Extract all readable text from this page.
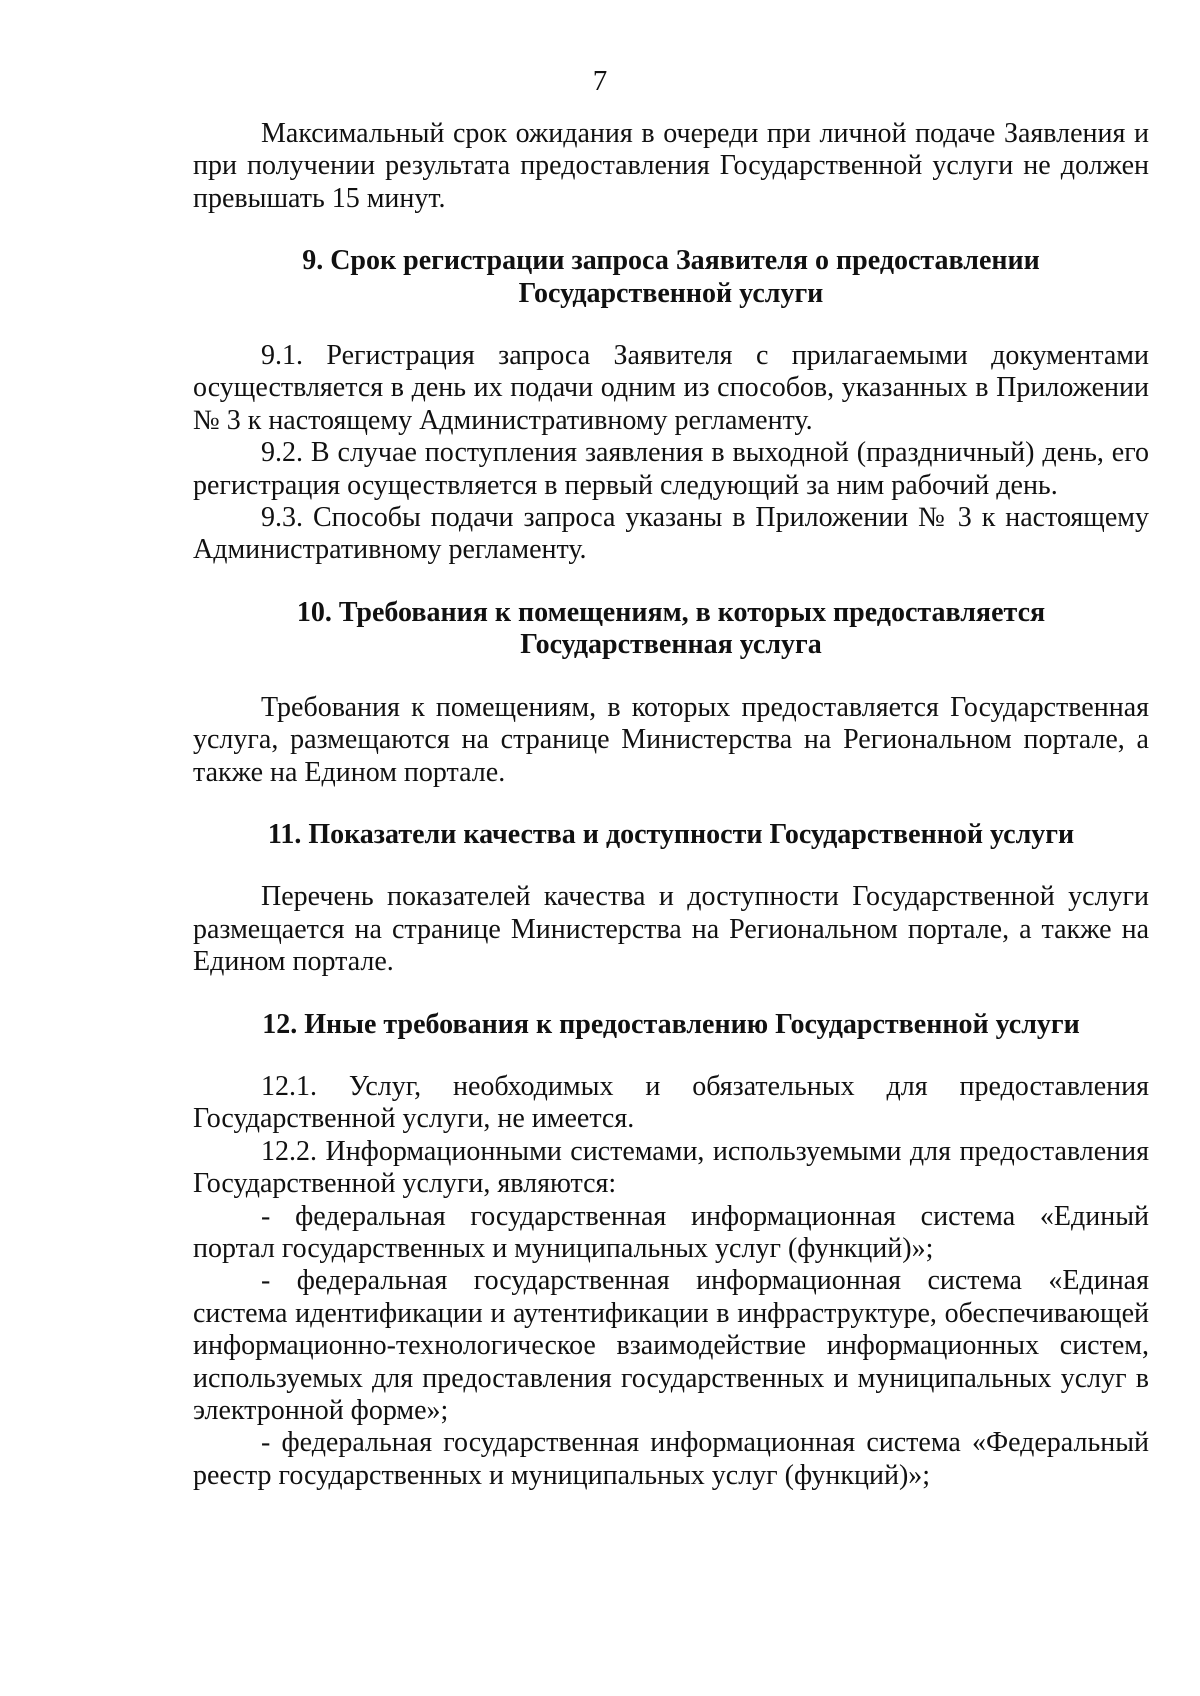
7

Максимальный срок ожидания в очереди при личной подаче Заявления и при получении результата предоставления Государственной услуги не должен превышать 15 минут.

9. Срок регистрации запроса Заявителя о предоставлении

Государственной услуги

9.1. Регистрация запроса Заявителя с прилагаемыми документами осуществляется в день их подачи одним из способов, указанных в Приложении № 3 к настоящему Административному регламенту.

9.2. В случае поступления заявления в выходной (праздничный) день, его регистрация осуществляется в первый следующий за ним рабочий день.

9.3. Способы подачи запроса указаны в Приложении № 3 к настоящему Административному регламенту.

10. Требования к помещениям, в которых предоставляется

Государственная услуга

Требования к помещениям, в которых предоставляется Государственная услуга, размещаются на странице Министерства на Региональном портале, а также на Едином портале.

11. Показатели качества и доступности Государственной услуги

Перечень показателей качества и доступности Государственной услуги размещается на странице Министерства на Региональном портале, а также на Едином портале.

12. Иные требования к предоставлению Государственной услуги

12.1. Услуг, необходимых и обязательных для предоставления Государственной услуги, не имеется.

12.2. Информационными системами, используемыми для предоставления Государственной услуги, являются:

- федеральная государственная информационная система «Единый портал государственных и муниципальных услуг (функций)»;

- федеральная государственная информационная система «Единая система идентификации и аутентификации в инфраструктуре, обеспечивающей информационно-технологическое взаимодействие информационных систем, используемых для предоставления государственных и муниципальных услуг в электронной форме»;

- федеральная государственная информационная система «Федеральный реестр государственных и муниципальных услуг (функций)»;
